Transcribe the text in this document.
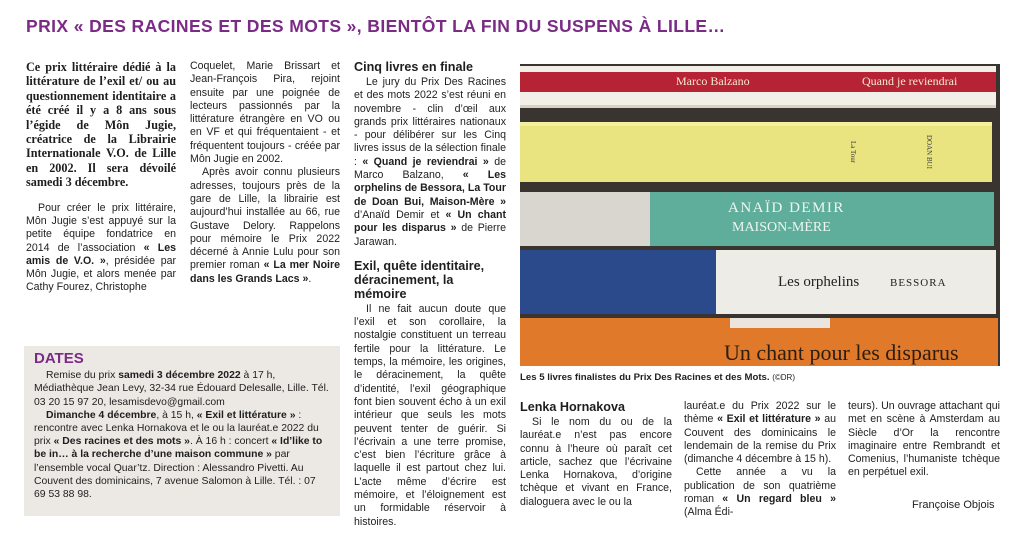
PRIX « DES RACINES ET DES MOTS », BIENTÔT LA FIN DU SUSPENS À LILLE…

Ce prix littéraire dédié à la littérature de l’exil et/ ou au questionnement identitaire a été créé il y a 8 ans sous l’égide de Môn Jugie, créatrice de la Librairie Internationale V.O. de Lille en 2002. Il sera dévoilé samedi 3 décembre.

Pour créer le prix littéraire, Môn Jugie s’est appuyé sur la petite équipe fondatrice en 2014 de l’association « Les amis de V.O. », présidée par Môn Jugie, et alors menée par Cathy Fourez, Christophe

Coquelet, Marie Brissart et Jean-François Pira, rejoint ensuite par une poignée de lecteurs passionnés par la littérature étrangère en VO ou en VF et qui fréquentaient - et fréquentent toujours - créée par Môn Jugie en 2002.

Après avoir connu plusieurs adresses, toujours près de la gare de Lille, la librairie est aujourd’hui installée au 66, rue Gustave Delory. Rappelons pour mémoire le Prix 2022 décerné à Annie Lulu pour son premier roman « La mer Noire dans les Grands Lacs ».

DATES

Remise du prix samedi 3 décembre 2022 à 17 h, Médiathèque Jean Levy, 32-34 rue Édouard Delesalle, Lille. Tél. 03 20 15 97 20, lesamisdevo@gmail.com

Dimanche 4 décembre, à 15 h, « Exil et littérature » : rencontre avec Lenka Hornakova et le ou la lauréat.e 2022 du prix « Des racines et des mots ». À 16 h : concert « Id’like to be in… à la recherche d’une maison commune » par l’ensemble vocal Quar’tz. Direction : Alessandro Pivetti. Au Couvent des dominicains, 7 avenue Salomon à Lille. Tél. : 07 69 53 88 98.

Cinq livres en finale

Le jury du Prix Des Racines et des mots 2022 s’est réuni en novembre - clin d’œil aux grands prix littéraires nationaux - pour délibérer sur les Cinq livres issus de la sélection finale : « Quand je reviendrai » de Marco Balzano, « Les orphelins de Bessora, La Tour de Doan Bui, Maison-Mère » d’Anaïd Demir et « Un chant pour les disparus » de Pierre Jarawan.

Exil, quête identitaire, déracinement, la mémoire

Il ne fait aucun doute que l’exil et son corollaire, la nostalgie constituent un terreau fertile pour la littérature. Le temps, la mémoire, les origines, le déracinement, la quête d’identité, l’exil géographique font bien souvent écho à un exil intérieur que seuls les mots peuvent tenter de guérir. Si l’écrivain a une terre promise, c’est bien l’écriture grâce à laquelle il est partout chez lui. L’acte même d’écrire est mémoire, et l’éloignement est un formidable réservoir à histoires.

Marco Balzano	Quand je reviendrai
La Tour	DOAN BUI
ANAÏD DEMIR
MAISON-MÈRE
Les orphelins	BESSORA
Un chant pour les disparus
Les 5 livres finalistes du Prix Des Racines et des Mots. (©DR)
Lenka Hornakova

Si le nom du ou de la lauréat.e n’est pas encore connu à l’heure où paraît cet article, sachez que l’écrivaine Lenka Hornakova, d’origine tchèque et vivant en France, dialoguera avec le ou la

lauréat.e du Prix 2022 sur le thème « Exil et littérature » au Couvent des dominicains le lendemain de la remise du Prix (dimanche 4 décembre à 15 h).

Cette année a vu la publication de son quatrième roman « Un regard bleu » (Alma Édi-

teurs). Un ouvrage attachant qui met en scène à Amsterdam au Siècle d’Or la rencontre imaginaire entre Rembrandt et Comenius, l’humaniste tchèque en perpétuel exil.

Françoise Objois
